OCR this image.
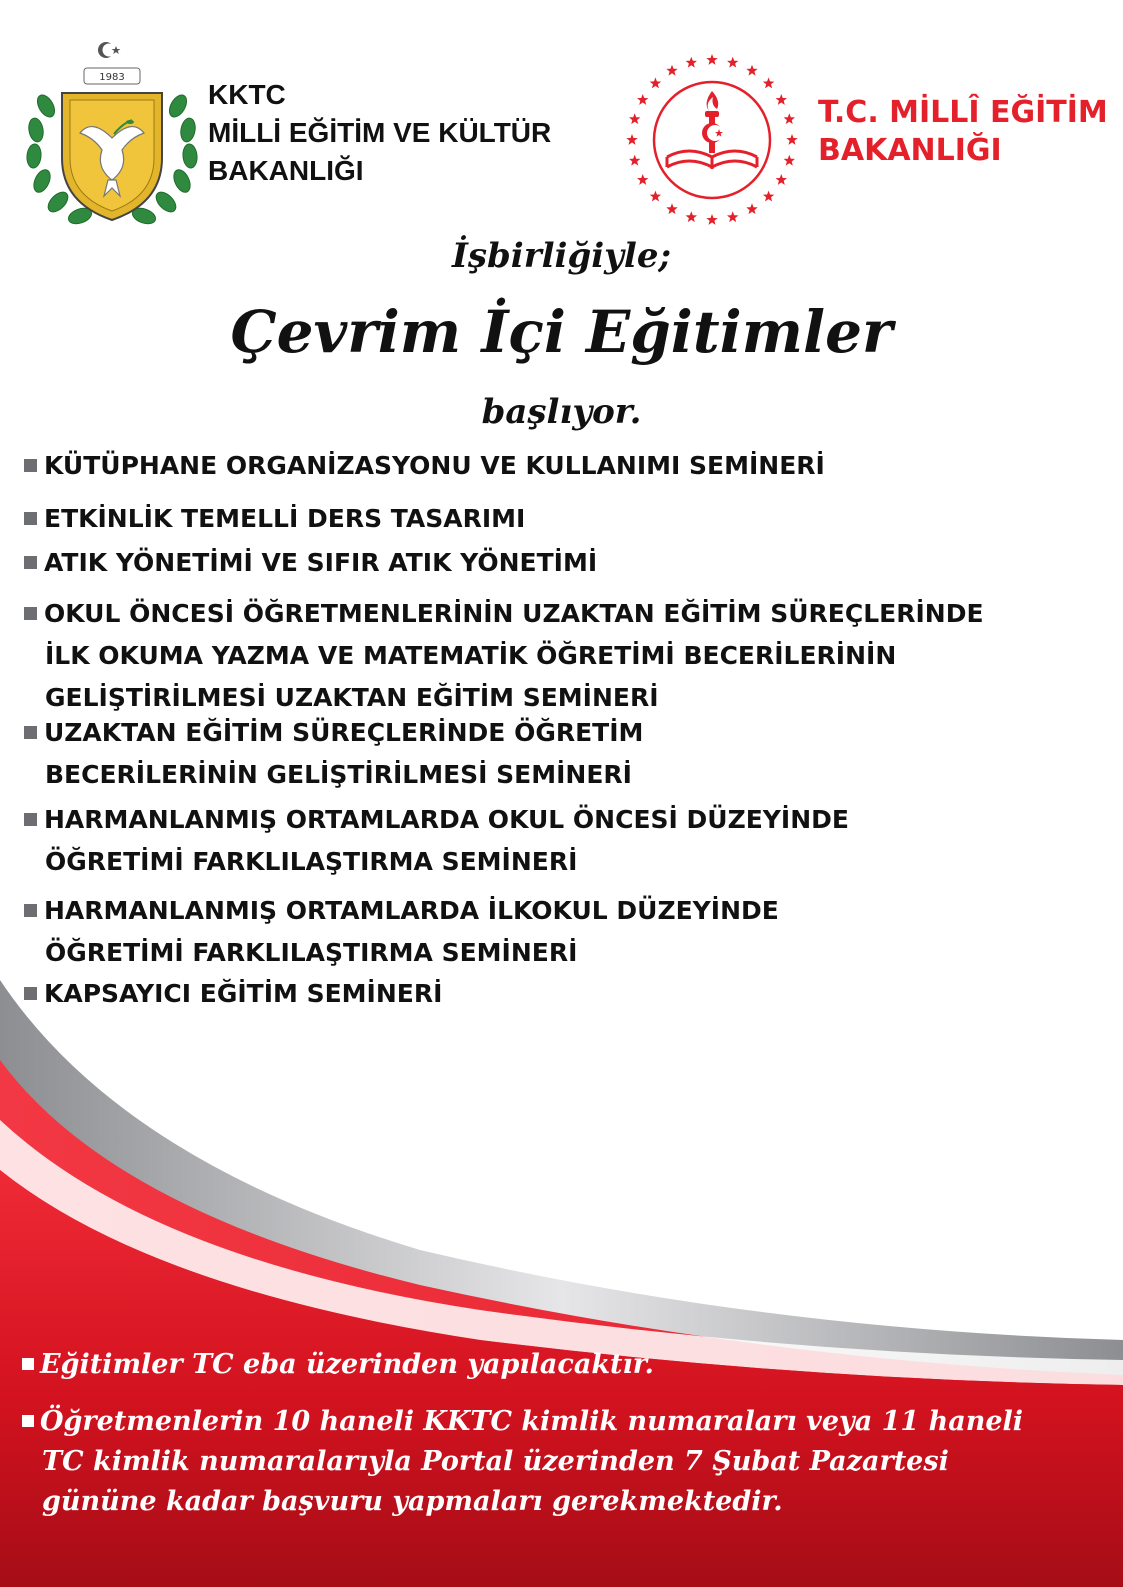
1983
KKTC
MİLLİ EĞİTİM VE KÜLTÜR
BAKANLIĞI
T.C. MİLLÎ EĞİTİM
BAKANLIĞI
İşbirliğiyle;
Çevrim İçi Eğitimler
başlıyor.
KÜTÜPHANE ORGANİZASYONU VE KULLANIMI SEMİNERİ
ETKİNLİK TEMELLİ DERS TASARIMI
ATIK YÖNETİMİ VE SIFIR ATIK YÖNETİMİ
OKUL ÖNCESİ ÖĞRETMENLERİNİN UZAKTAN EĞİTİM SÜREÇLERİNDE
İLK OKUMA YAZMA VE MATEMATİK ÖĞRETİMİ BECERİLERİNİN
GELİŞTİRİLMESİ UZAKTAN EĞİTİM SEMİNERİ
UZAKTAN EĞİTİM SÜREÇLERİNDE ÖĞRETİM
BECERİLERİNİN GELİŞTİRİLMESİ SEMİNERİ
HARMANLANMIŞ ORTAMLARDA OKUL ÖNCESİ DÜZEYİNDE
ÖĞRETİMİ FARKLILAŞTIRMA SEMİNERİ
HARMANLANMIŞ ORTAMLARDA İLKOKUL DÜZEYİNDE
ÖĞRETİMİ FARKLILAŞTIRMA SEMİNERİ
KAPSAYICI EĞİTİM SEMİNERİ
Eğitimler TC eba üzerinden yapılacaktır.
Öğretmenlerin 10 haneli KKTC kimlik numaraları veya 11 haneli
TC kimlik numaralarıyla Portal üzerinden 7 Şubat Pazartesi
gününe kadar başvuru yapmaları gerekmektedir.
